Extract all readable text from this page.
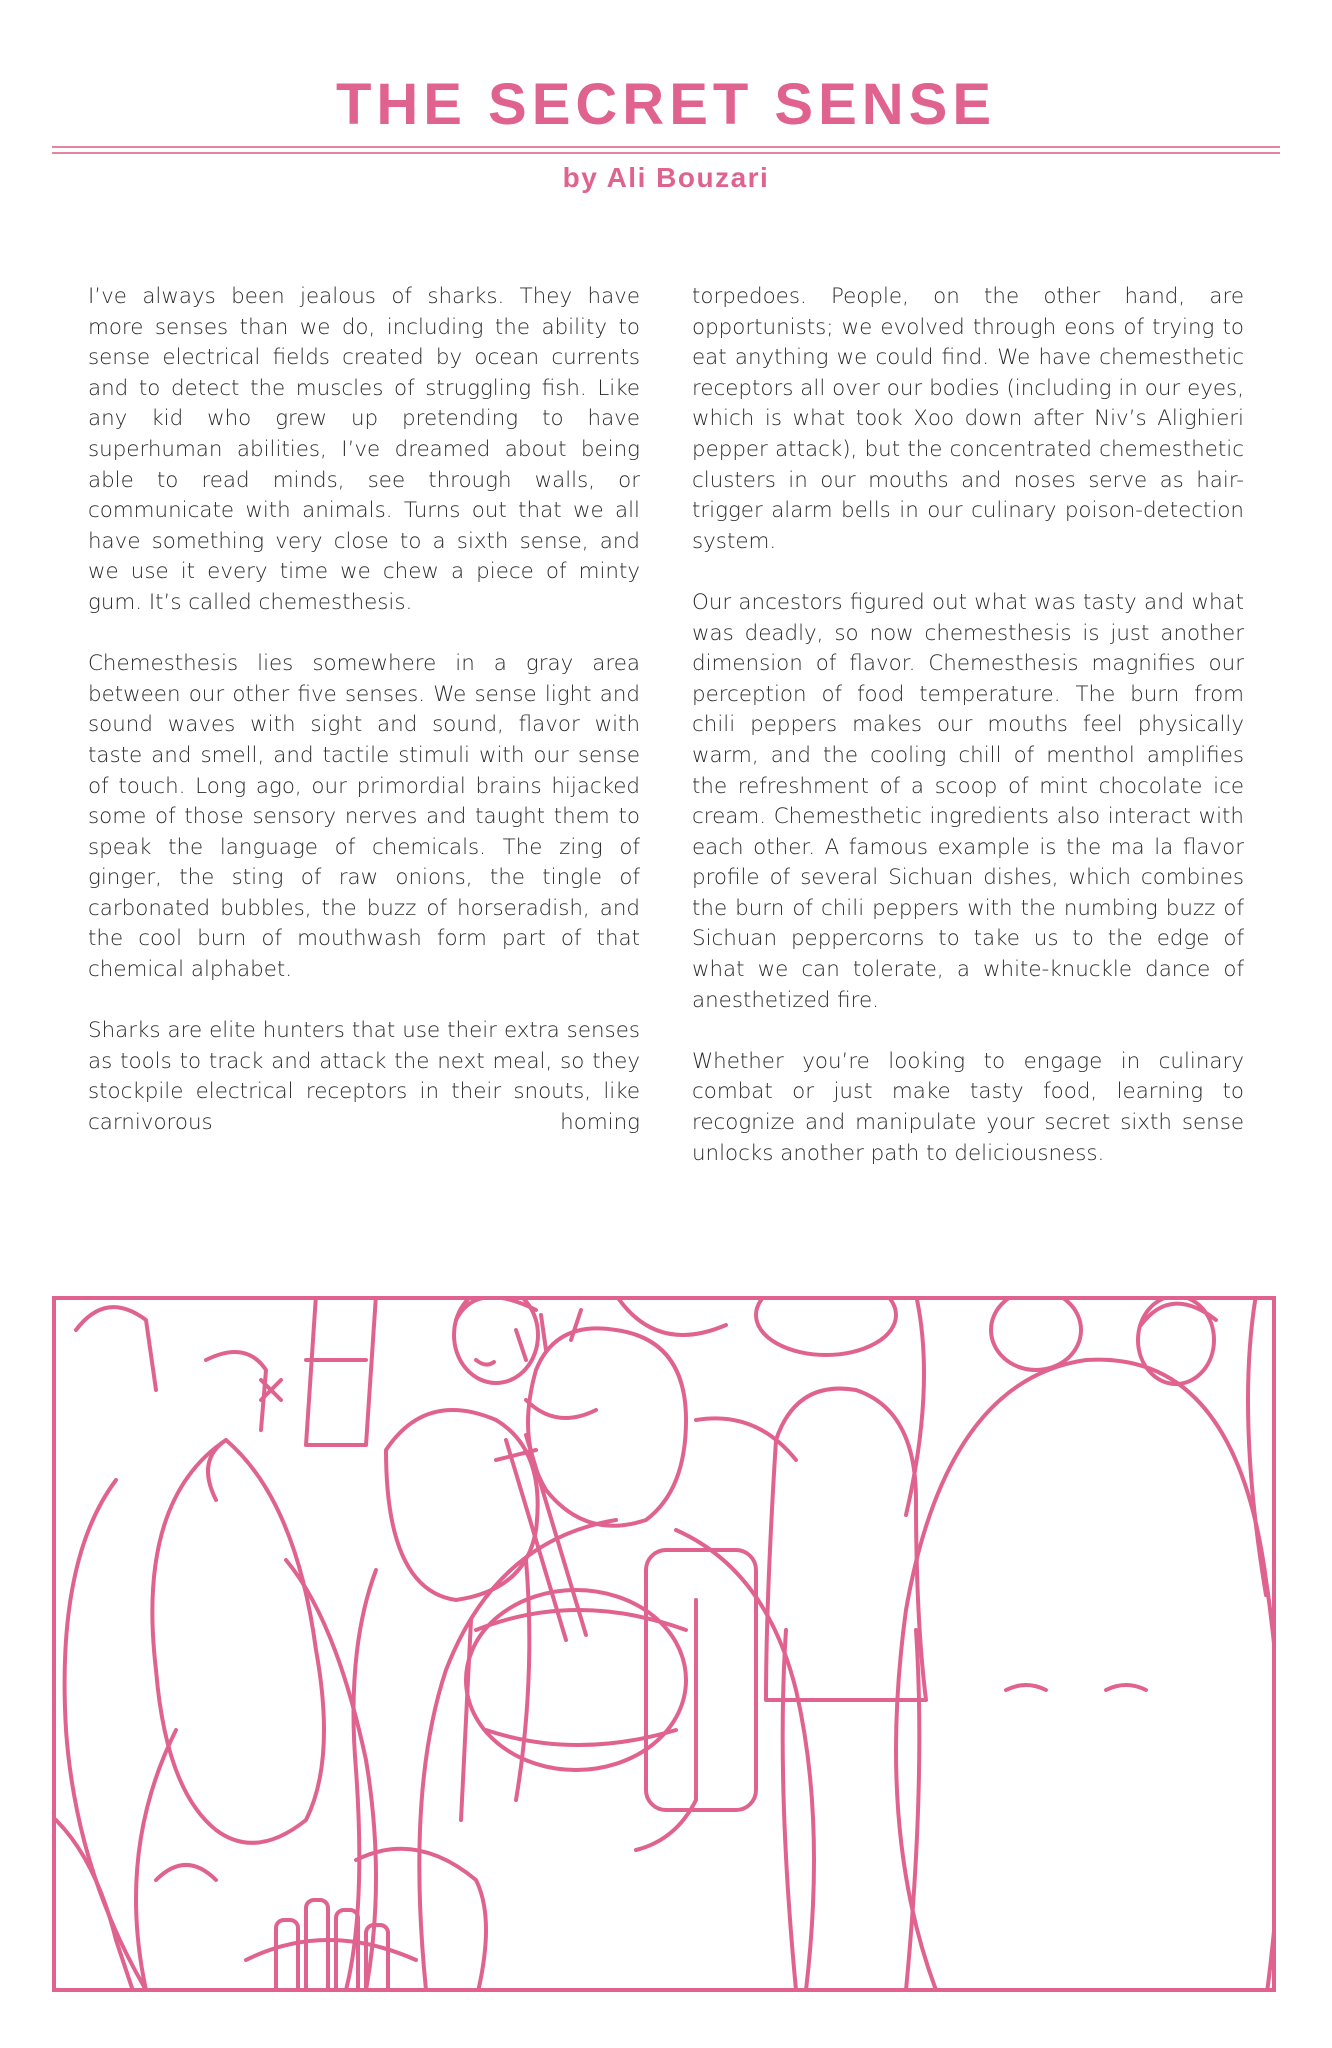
THE SECRET SENSE
by Ali Bouzari

I’ve always been jealous of sharks. They have more senses than we do, including the ability to sense electrical fields created by ocean currents and to detect the muscles of struggling fish. Like any kid who grew up pretending to have superhuman abilities, I’ve dreamed about being able to read minds, see through walls, or communicate with animals. Turns out that we all have something very close to a sixth sense, and we use it every time we chew a piece of minty gum. It’s called chemesthesis.

Chemesthesis lies somewhere in a gray area between our other five senses. We sense light and sound waves with sight and sound, flavor with taste and smell, and tactile stimuli with our sense of touch. Long ago, our primordial brains hijacked some of those sensory nerves and taught them to speak the language of chemicals. The zing of ginger, the sting of raw onions, the tingle of carbonated bubbles, the buzz of horseradish, and the cool burn of mouthwash form part of that chemical alphabet.

Sharks are elite hunters that use their extra senses as tools to track and attack the next meal, so they stockpile electrical receptors in their snouts, like carnivorous homing

torpedoes. People, on the other hand, are opportunists; we evolved through eons of trying to eat anything we could find. We have chemesthetic receptors all over our bodies (including in our eyes, which is what took Xoo down after Niv’s Alighieri pepper attack), but the concentrated chemesthetic clusters in our mouths and noses serve as hair-trigger alarm bells in our culinary poison-detection system.

Our ancestors figured out what was tasty and what was deadly, so now chemesthesis is just another dimension of flavor. Chemesthesis magnifies our perception of food temperature. The burn from chili peppers makes our mouths feel physically warm, and the cooling chill of menthol amplifies the refreshment of a scoop of mint chocolate ice cream. Chemesthetic ingredients also interact with each other. A famous example is the ma la flavor profile of several Sichuan dishes, which combines the burn of chili peppers with the numbing buzz of Sichuan peppercorns to take us to the edge of what we can tolerate, a white-knuckle dance of anesthetized fire.

Whether you’re looking to engage in culinary combat or just make tasty food, learning to recognize and manipulate your secret sixth sense unlocks another path to deliciousness.
